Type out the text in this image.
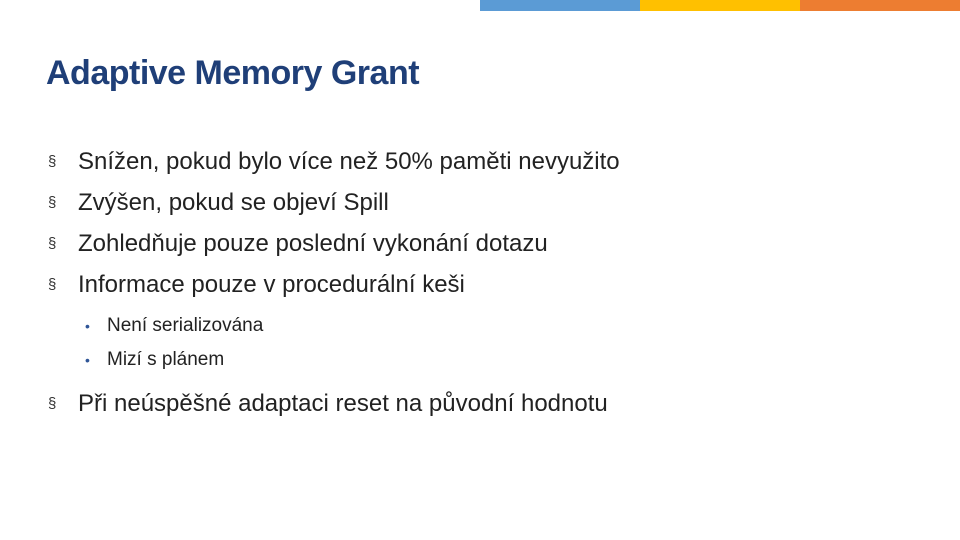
Adaptive Memory Grant
§ Snížen, pokud bylo více než 50% paměti nevyužito
§ Zvýšen, pokud se objeví Spill
§ Zohledňuje pouze poslední vykonání dotazu
§ Informace pouze v procedurální keši
• Není serializována
• Mizí s plánem
§ Při neúspěšné adaptaci reset na původní hodnotu
